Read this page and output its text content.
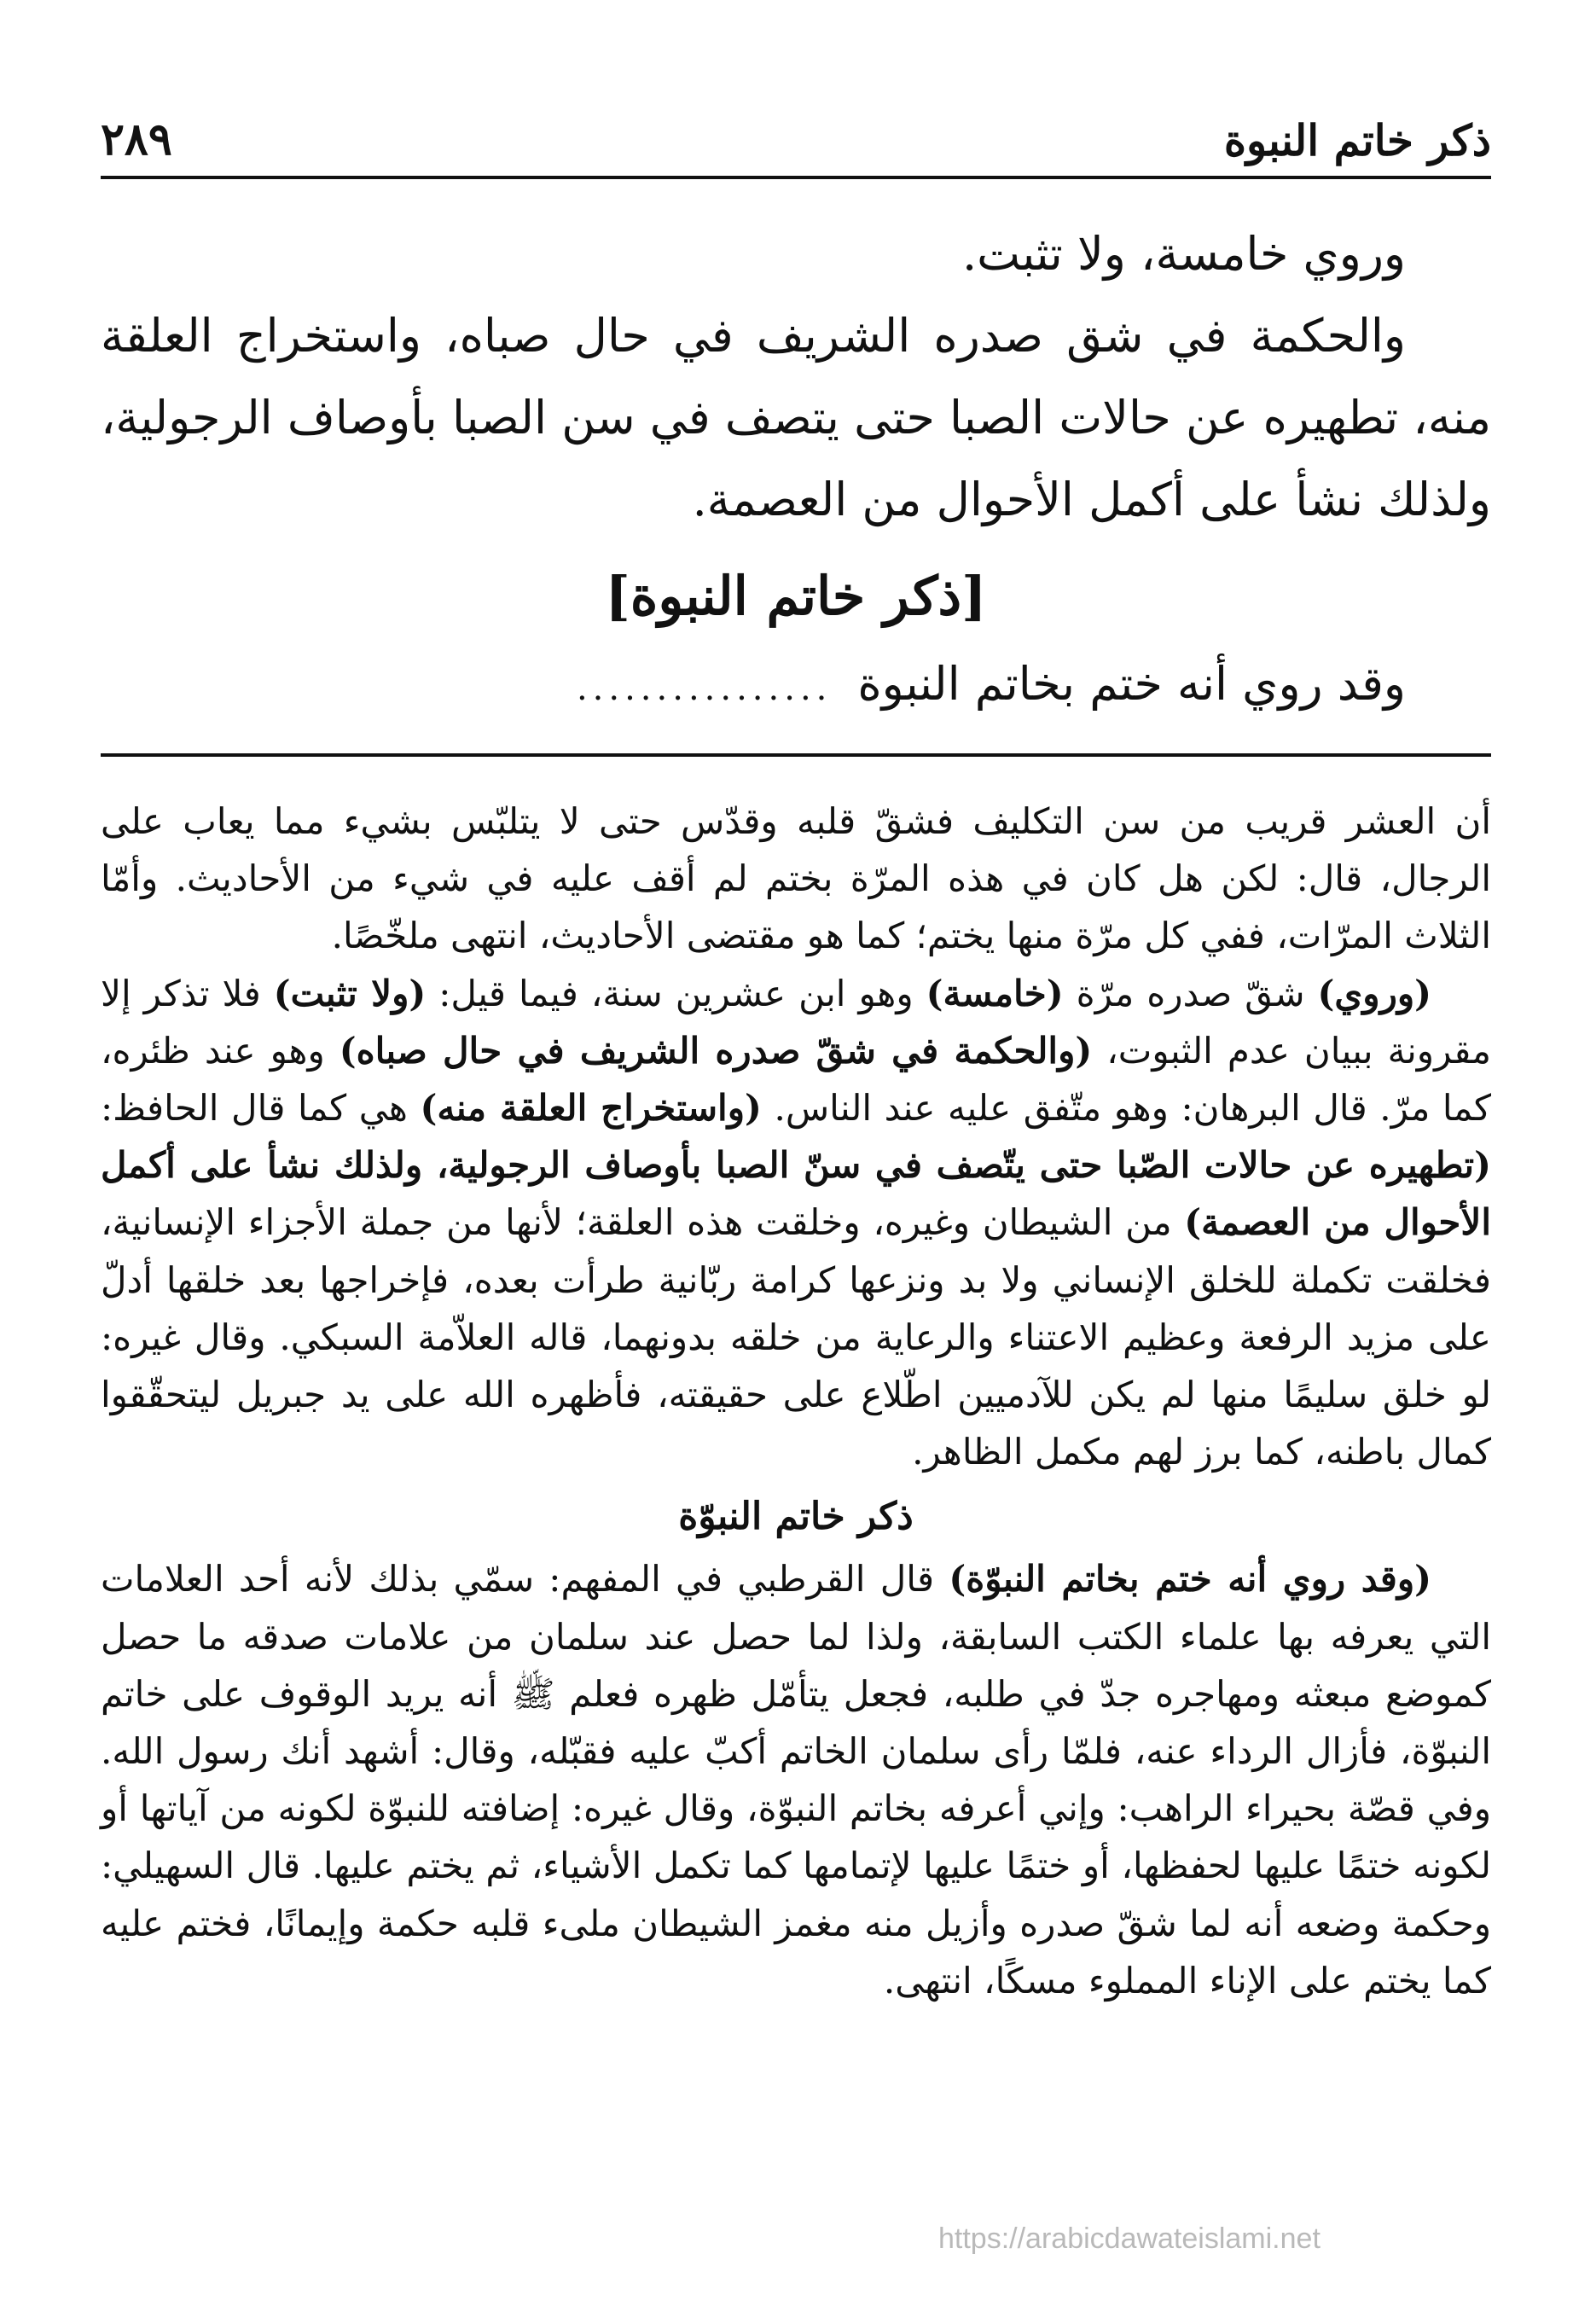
ذكر خاتم النبوة
٢٨٩

وروي خامسة، ولا تثبت.

والحكمة في شق صدره الشريف في حال صباه، واستخراج العلقة منه، تطهيره عن حالات الصبا حتى يتصف في سن الصبا بأوصاف الرجولية، ولذلك نشأ على أكمل الأحوال من العصمة.

[ذكر خاتم النبوة]
وقد روي أنه ختم بخاتم النبوة
................

أن العشر قريب من سن التكليف فشقّ قلبه وقدّس حتى لا يتلبّس بشيء مما يعاب على الرجال، قال: لكن هل كان في هذه المرّة بختم لم أقف عليه في شيء من الأحاديث. وأمّا الثلاث المرّات، ففي كل مرّة منها يختم؛ كما هو مقتضى الأحاديث، انتهى ملخّصًا.

(وروي) شقّ صدره مرّة (خامسة) وهو ابن عشرين سنة، فيما قيل: (ولا تثبت) فلا تذكر إلا مقرونة ببيان عدم الثبوت، (والحكمة في شقّ صدره الشريف في حال صباه) وهو عند ظئره، كما مرّ. قال البرهان: وهو متّفق عليه عند الناس. (واستخراج العلقة منه) هي كما قال الحافظ: (تطهيره عن حالات الصّبا حتى يتّصف في سنّ الصبا بأوصاف الرجولية، ولذلك نشأ على أكمل الأحوال من العصمة) من الشيطان وغيره، وخلقت هذه العلقة؛ لأنها من جملة الأجزاء الإنسانية، فخلقت تكملة للخلق الإنساني ولا بد ونزعها كرامة ربّانية طرأت بعده، فإخراجها بعد خلقها أدلّ على مزيد الرفعة وعظيم الاعتناء والرعاية من خلقه بدونهما، قاله العلاّمة السبكي. وقال غيره: لو خلق سليمًا منها لم يكن للآدميين اطّلاع على حقيقته، فأظهره الله على يد جبريل ليتحقّقوا كمال باطنه، كما برز لهم مكمل الظاهر.

ذكر خاتم النبوّة

(وقد روي أنه ختم بخاتم النبوّة) قال القرطبي في المفهم: سمّي بذلك لأنه أحد العلامات التي يعرفه بها علماء الكتب السابقة، ولذا لما حصل عند سلمان من علامات صدقه ما حصل كموضع مبعثه ومهاجره جدّ في طلبه، فجعل يتأمّل ظهره فعلم ﷺ أنه يريد الوقوف على خاتم النبوّة، فأزال الرداء عنه، فلمّا رأى سلمان الخاتم أكبّ عليه فقبّله، وقال: أشهد أنك رسول الله. وفي قصّة بحيراء الراهب: وإني أعرفه بخاتم النبوّة، وقال غيره: إضافته للنبوّة لكونه من آياتها أو لكونه ختمًا عليها لحفظها، أو ختمًا عليها لإتمامها كما تكمل الأشياء، ثم يختم عليها. قال السهيلي: وحكمة وضعه أنه لما شقّ صدره وأزيل منه مغمز الشيطان ملىء قلبه حكمة وإيمانًا، فختم عليه كما يختم على الإناء المملوء مسكًا، انتهى.

https://arabicdawateislami.net
